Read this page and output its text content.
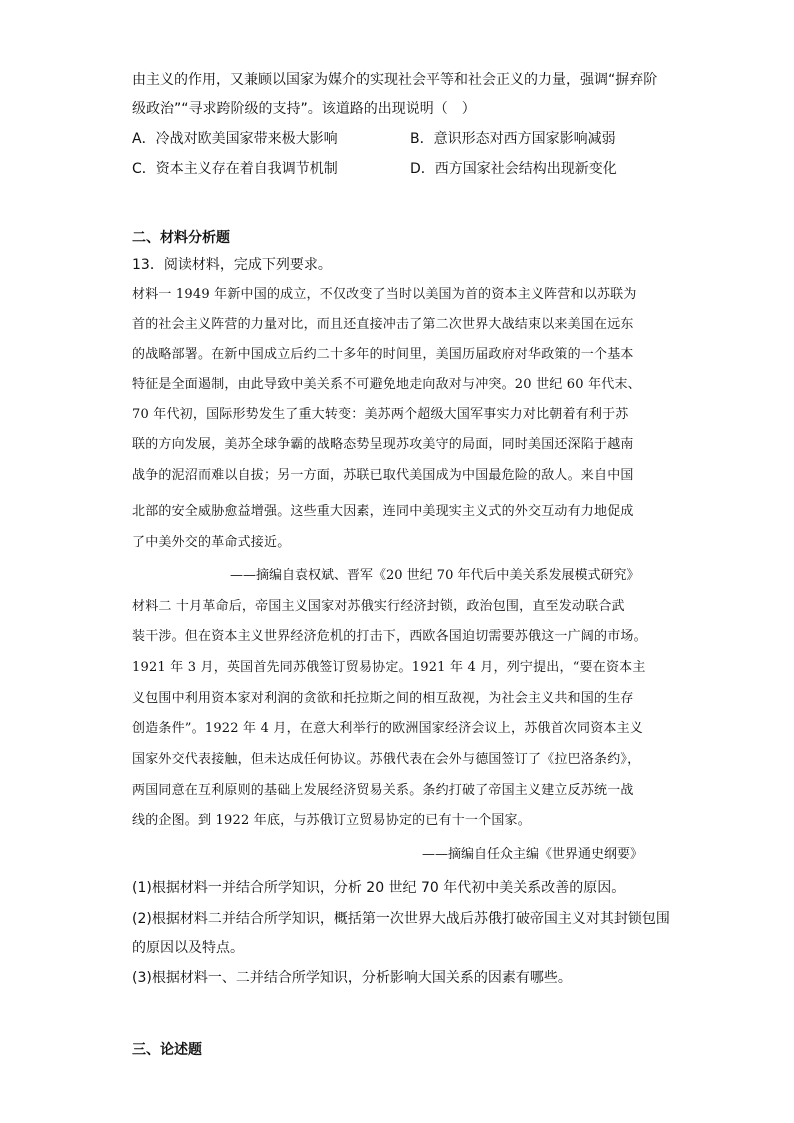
由主义的作用，又兼顾以国家为媒介的实现社会平等和社会正义的力量，强调“摒弃阶
级政治”“寻求跨阶级的支持”。该道路的出现说明（　）
A．冷战对欧美国家带来极大影响	B．意识形态对西方国家影响减弱
C．资本主义存在着自我调节机制	D．西方国家社会结构出现新变化
二、材料分析题
13．阅读材料，完成下列要求。
材料一 1949 年新中国的成立，不仅改变了当时以美国为首的资本主义阵营和以苏联为
首的社会主义阵营的力量对比，而且还直接冲击了第二次世界大战结束以来美国在远东
的战略部署。在新中国成立后约二十多年的时间里，美国历届政府对华政策的一个基本
特征是全面遏制，由此导致中美关系不可避免地走向敌对与冲突。20 世纪 60 年代末、
70 年代初，国际形势发生了重大转变：美苏两个超级大国军事实力对比朝着有利于苏
联的方向发展，美苏全球争霸的战略态势呈现苏攻美守的局面，同时美国还深陷于越南
战争的泥沼而难以自拔；另一方面，苏联已取代美国成为中国最危险的敌人。来自中国
北部的安全威胁愈益增强。这些重大因素，连同中美现实主义式的外交互动有力地促成
了中美外交的革命式接近。
——摘编自袁权斌、晋军《20 世纪 70 年代后中美关系发展模式研究》
材料二 十月革命后，帝国主义国家对苏俄实行经济封锁，政治包围，直至发动联合武
装干涉。但在资本主义世界经济危机的打击下，西欧各国迫切需要苏俄这一广阔的市场。
1921 年 3 月，英国首先同苏俄签订贸易协定。1921 年 4 月，列宁提出，“要在资本主
义包围中利用资本家对利润的贪欲和托拉斯之间的相互敌视，为社会主义共和国的生存
创造条件”。1922 年 4 月，在意大利举行的欧洲国家经济会议上，苏俄首次同资本主义
国家外交代表接触，但未达成任何协议。苏俄代表在会外与德国签订了《拉巴洛条约》，
两国同意在互利原则的基础上发展经济贸易关系。条约打破了帝国主义建立反苏统一战
线的企图。到 1922 年底，与苏俄订立贸易协定的已有十一个国家。
——摘编自任众主编《世界通史纲要》
(1)根据材料一并结合所学知识，分析 20 世纪 70 年代初中美关系改善的原因。
(2)根据材料二并结合所学知识，概括第一次世界大战后苏俄打破帝国主义对其封锁包围
的原因以及特点。
(3)根据材料一、二并结合所学知识，分析影响大国关系的因素有哪些。
三、论述题
